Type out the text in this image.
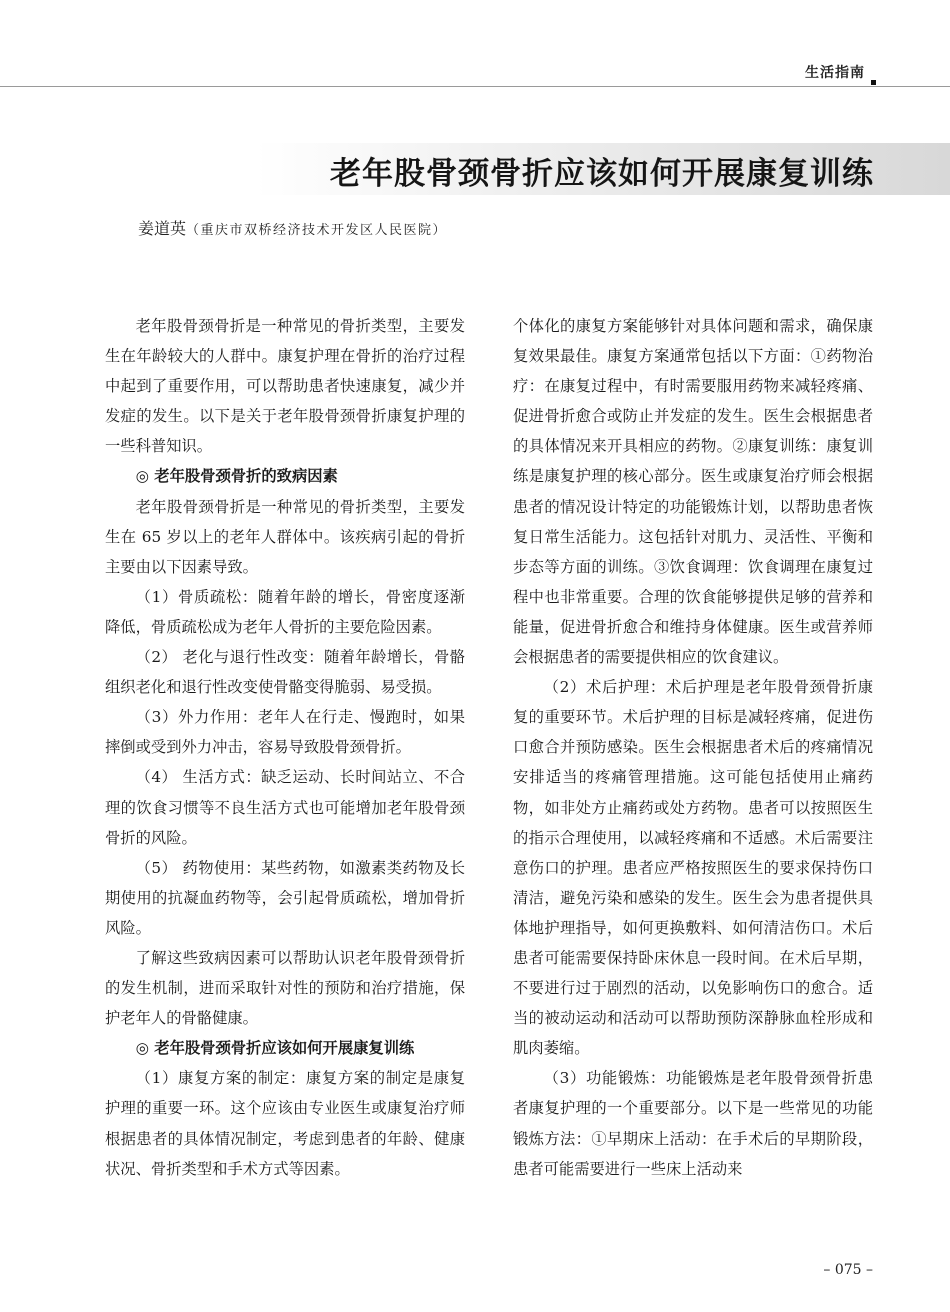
生活指南
老年股骨颈骨折应该如何开展康复训练
姜道英（重庆市双桥经济技术开发区人民医院）

老年股骨颈骨折是一种常见的骨折类型，主要发生在年龄较大的人群中。康复护理在骨折的治疗过程中起到了重要作用，可以帮助患者快速康复，减少并发症的发生。以下是关于老年股骨颈骨折康复护理的一些科普知识。

◎ 老年股骨颈骨折的致病因素

老年股骨颈骨折是一种常见的骨折类型，主要发生在 65 岁以上的老年人群体中。该疾病引起的骨折主要由以下因素导致。

（1）骨质疏松：随着年龄的增长，骨密度逐渐降低，骨质疏松成为老年人骨折的主要危险因素。

（2） 老化与退行性改变：随着年龄增长，骨骼组织老化和退行性改变使骨骼变得脆弱、易受损。

（3）外力作用：老年人在行走、慢跑时，如果摔倒或受到外力冲击，容易导致股骨颈骨折。

（4） 生活方式：缺乏运动、长时间站立、不合理的饮食习惯等不良生活方式也可能增加老年股骨颈骨折的风险。

（5） 药物使用：某些药物，如激素类药物及长期使用的抗凝血药物等，会引起骨质疏松，增加骨折风险。

了解这些致病因素可以帮助认识老年股骨颈骨折的发生机制，进而采取针对性的预防和治疗措施，保护老年人的骨骼健康。

◎ 老年股骨颈骨折应该如何开展康复训练

（1）康复方案的制定：康复方案的制定是康复护理的重要一环。这个应该由专业医生或康复治疗师根据患者的具体情况制定，考虑到患者的年龄、健康状况、骨折类型和手术方式等因素。

个体化的康复方案能够针对具体问题和需求，确保康复效果最佳。康复方案通常包括以下方面：①药物治疗：在康复过程中，有时需要服用药物来减轻疼痛、促进骨折愈合或防止并发症的发生。医生会根据患者的具体情况来开具相应的药物。②康复训练：康复训练是康复护理的核心部分。医生或康复治疗师会根据患者的情况设计特定的功能锻炼计划，以帮助患者恢复日常生活能力。这包括针对肌力、灵活性、平衡和步态等方面的训练。③饮食调理：饮食调理在康复过程中也非常重要。合理的饮食能够提供足够的营养和能量，促进骨折愈合和维持身体健康。医生或营养师会根据患者的需要提供相应的饮食建议。

（2）术后护理：术后护理是老年股骨颈骨折康复的重要环节。术后护理的目标是减轻疼痛，促进伤口愈合并预防感染。医生会根据患者术后的疼痛情况安排适当的疼痛管理措施。这可能包括使用止痛药物，如非处方止痛药或处方药物。患者可以按照医生的指示合理使用，以减轻疼痛和不适感。术后需要注意伤口的护理。患者应严格按照医生的要求保持伤口清洁，避免污染和感染的发生。医生会为患者提供具体地护理指导，如何更换敷料、如何清洁伤口。术后患者可能需要保持卧床休息一段时间。在术后早期，不要进行过于剧烈的活动，以免影响伤口的愈合。适当的被动运动和活动可以帮助预防深静脉血栓形成和肌肉萎缩。

（3）功能锻炼：功能锻炼是老年股骨颈骨折患者康复护理的一个重要部分。以下是一些常见的功能锻炼方法：①早期床上活动：在手术后的早期阶段，患者可能需要进行一些床上活动来

– 075 –
